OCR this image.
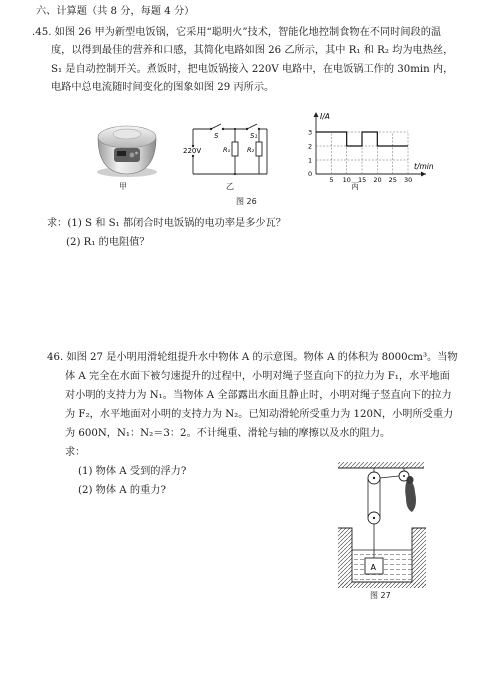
六、计算题（共 8 分，每题 4 分）
.45. 如图 26 甲为新型电饭锅，它采用“聪明火”技术，智能化地控制食物在不同时间段的温
度，以得到最佳的营养和口感，其简化电路如图 26 乙所示，其中 R₁ 和 R₂ 均为电热丝，
S₁ 是自动控制开关。煮饭时，把电饭锅接入 220V 电路中，在电饭锅工作的 30min 内，
电路中总电流随时间变化的图象如图 29 丙所示。
甲
S	S₁
R₁	R₂
220V
乙
I/A
t/min
0
1
2
3
5 10 15 20 25 30
丙
图 26
求：(1) S 和 S₁ 都闭合时电饭锅的电功率是多少瓦？
(2) R₁ 的电阻值？
46. 如图 27 是小明用滑轮组提升水中物体 A 的示意图。物体 A 的体积为 8000cm³。当物
体 A 完全在水面下被匀速提升的过程中，小明对绳子竖直向下的拉力为 F₁，水平地面
对小明的支持力为 N₁。当物体 A 全部露出水面且静止时，小明对绳子竖直向下的拉力
为 F₂，水平地面对小明的支持力为 N₂。已知动滑轮所受重力为 120N，小明所受重力
为 600N，N₁：N₂＝3：2。不计绳重、滑轮与轴的摩擦以及水的阻力。
求：
(1) 物体 A 受到的浮力?
(2) 物体 A 的重力?
A
图 27
